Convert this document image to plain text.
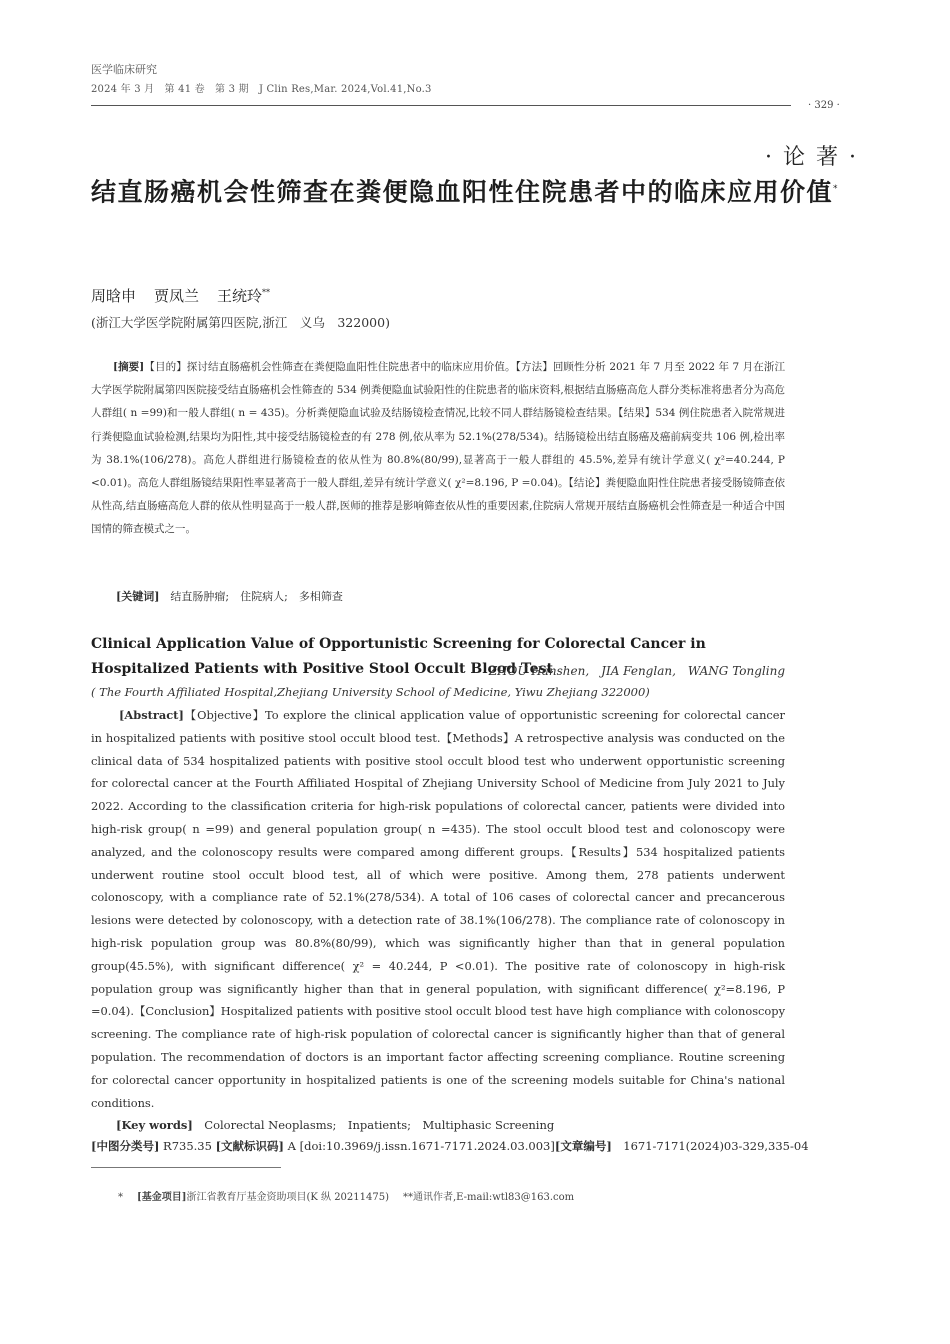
医学临床研究
2024 年 3 月　第 41 卷　第 3 期　J Clin Res,Mar. 2024,Vol.41,No.3
· 329 ·
· 论 著 ·
结直肠癌机会性筛查在粪便隐血阳性住院患者中的临床应用价值*
周晗申 贾凤兰 王统玲**
(浙江大学医学院附属第四医院,浙江　义乌　322000)

[摘要]【目的】探讨结直肠癌机会性筛查在粪便隐血阳性住院患者中的临床应用价值。【方法】回顾性分析 2021 年 7 月至 2022 年 7 月在浙江大学医学院附属第四医院接受结直肠癌机会性筛查的 534 例粪便隐血试验阳性的住院患者的临床资料,根据结直肠癌高危人群分类标准将患者分为高危人群组( n =99)和一般人群组( n = 435)。分析粪便隐血试验及结肠镜检查情况,比较不同人群结肠镜检查结果。【结果】534 例住院患者入院常规进行粪便隐血试验检测,结果均为阳性,其中接受结肠镜检查的有 278 例,依从率为 52.1%(278/534)。结肠镜检出结直肠癌及癌前病变共 106 例,检出率为 38.1%(106/278)。高危人群组进行肠镜检查的依从性为 80.8%(80/99),显著高于一般人群组的 45.5%,差异有统计学意义( χ²=40.244, P <0.01)。高危人群组肠镜结果阳性率显著高于一般人群组,差异有统计学意义( χ²=8.196, P =0.04)。【结论】粪便隐血阳性住院患者接受肠镜筛查依从性高,结直肠癌高危人群的依从性明显高于一般人群,医师的推荐是影响筛查依从性的重要因素,住院病人常规开展结直肠癌机会性筛查是一种适合中国国情的筛查模式之一。

[关键词]　 结直肠肿瘤;　住院病人;　多相筛查
Clinical Application Value of Opportunistic Screening for Colorectal Cancer in Hospitalized Patients with Positive Stool Occult Blood Test
ZHOU Hanshen,　JIA Fenglan,　WANG Tongling
( The Fourth Affiliated Hospital,Zhejiang University School of Medicine, Yiwu Zhejiang 322000)

[Abstract]【Objective】To explore the clinical application value of opportunistic screening for colorectal cancer in hospitalized patients with positive stool occult blood test.【Methods】A retrospective analysis was conducted on the clinical data of 534 hospitalized patients with positive stool occult blood test who underwent opportunistic screening for colorectal cancer at the Fourth Affiliated Hospital of Zhejiang University School of Medicine from July 2021 to July 2022. According to the classification criteria for high-risk populations of colorectal cancer, patients were divided into high-risk group( n =99) and general population group( n =435). The stool occult blood test and colonoscopy were analyzed, and the colonoscopy results were compared among different groups.【Results】534 hospitalized patients underwent routine stool occult blood test, all of which were positive. Among them, 278 patients underwent colonoscopy, with a compliance rate of 52.1%(278/534). A total of 106 cases of colorectal cancer and precancerous lesions were detected by colonoscopy, with a detection rate of 38.1%(106/278). The compliance rate of colonoscopy in high-risk population group was 80.8%(80/99), which was significantly higher than that in general population group(45.5%), with significant difference( χ² = 40.244, P <0.01). The positive rate of colonoscopy in high-risk population group was significantly higher than that in general population, with significant difference( χ²=8.196, P =0.04).【Conclusion】Hospitalized patients with positive stool occult blood test have high compliance with colonoscopy screening. The compliance rate of high-risk population of colorectal cancer is significantly higher than that of general population. The recommendation of doctors is an important factor affecting screening compliance. Routine screening for colorectal cancer opportunity in hospitalized patients is one of the screening models suitable for China's national conditions.

[Key words]　 Colorectal Neoplasms;　Inpatients;　Multiphasic Screening
[中图分类号] R735.35 [文献标识码] A [doi:10.3969/j.issn.1671-7171.2024.03.003][文章编号]　 1671-7171(2024)03-329,335-04
* [基金项目]浙江省教育厅基金资助项目(K 纵 20211475) **通讯作者,E-mail:wtl83@163.com
